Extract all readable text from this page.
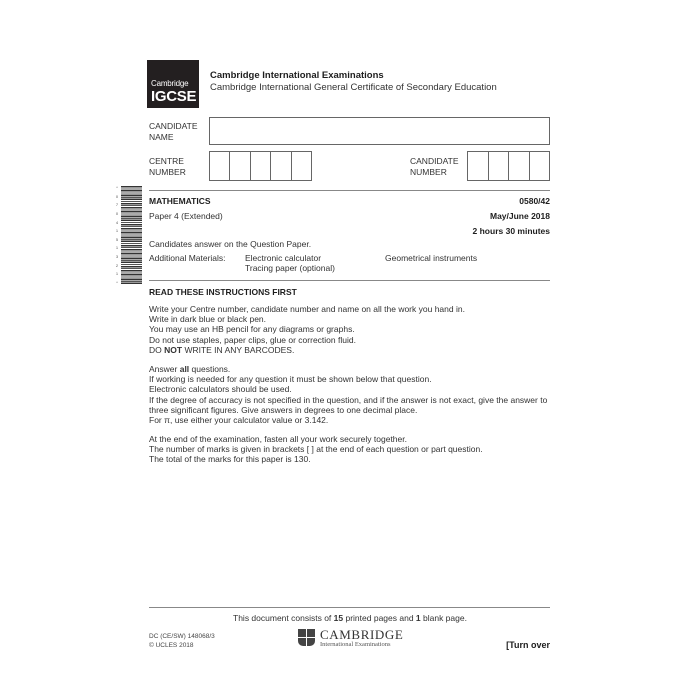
Cambridge
IGCSE
Cambridge International Examinations
Cambridge International General Certificate of Secondary Education
CANDIDATE
NAME
CENTRE
NUMBER
CANDIDATE
NUMBER
*
0
7
0
4
1
5
1
3
2
1
*
MATHEMATICS	0580/42
Paper 4 (Extended)	May/June 2018
2 hours 30 minutes
Candidates answer on the Question Paper.
Additional Materials: Electronic calculator
Tracing paper (optional)
Geometrical instruments
READ THESE INSTRUCTIONS FIRST

Write your Centre number, candidate number and name on all the work you hand in.

Write in dark blue or black pen.

You may use an HB pencil for any diagrams or graphs.

Do not use staples, paper clips, glue or correction fluid.

DO NOT WRITE IN ANY BARCODES.

Answer all questions.

If working is needed for any question it must be shown below that question.

Electronic calculators should be used.

If the degree of accuracy is not specified in the question, and if the answer is not exact, give the answer to

three significant figures. Give answers in degrees to one decimal place.

For π, use either your calculator value or 3.142.

At the end of the examination, fasten all your work securely together.

The number of marks is given in brackets [ ] at the end of each question or part question.

The total of the marks for this paper is 130.

This document consists of 15 printed pages and 1 blank page.
DC (CE/SW) 148068/3
© UCLES 2018
CAMBRIDGE
International Examinations	[Turn over
